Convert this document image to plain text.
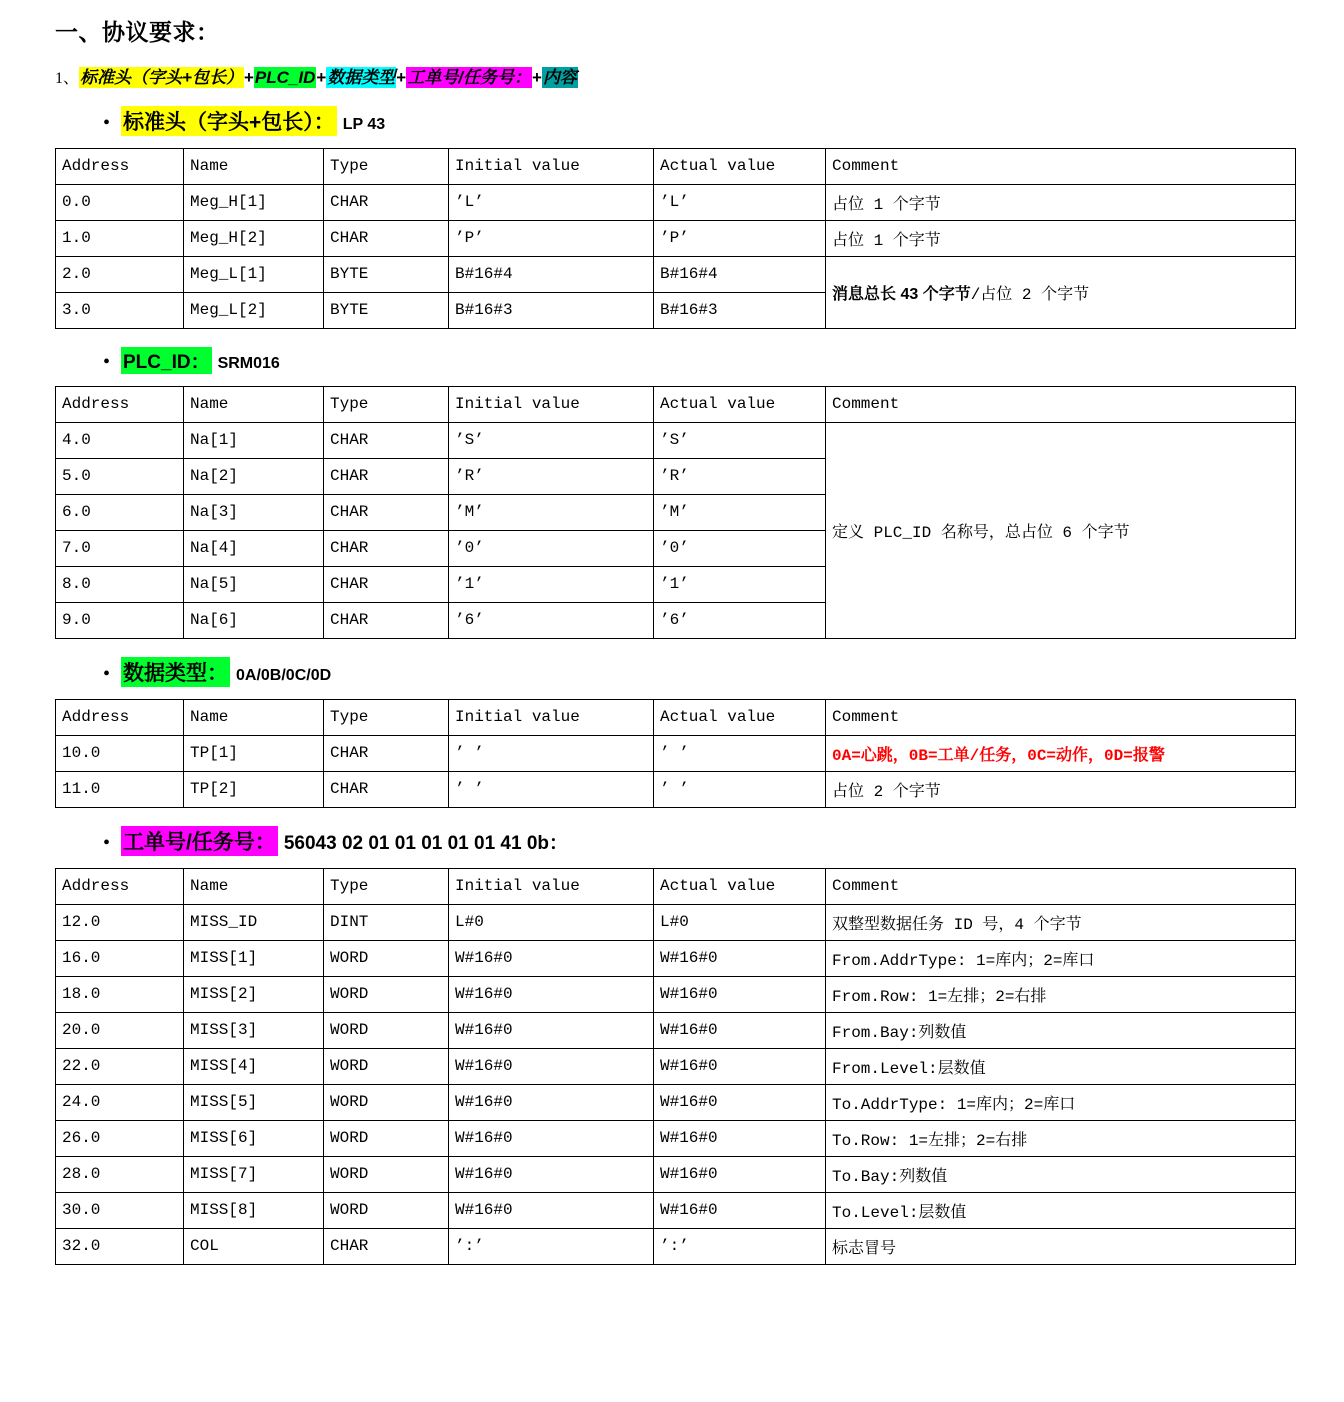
一、协议要求：
1、标准头（字头+包长）+PLC_ID+数据类型+工单号/任务号：+内容
• 标准头（字头+包长）： LP 43
Address	Name	Type	Initial value	Actual value	Comment
0.0	Meg_H[1]	CHAR	’L’	’L’	占位 1 个字节
1.0	Meg_H[2]	CHAR	’P’	’P’	占位 1 个字节
2.0	Meg_L[1]	BYTE	B#16#4	B#16#4	消息总长 43 个字节/占位 2 个字节
3.0	Meg_L[2]	BYTE	B#16#3	B#16#3	
• PLC_ID： SRM016
Address	Name	Type	Initial value	Actual value	Comment
4.0	Na[1]	CHAR	’S’	’S’	定义 PLC_ID 名称号，总占位 6 个字节
5.0	Na[2]	CHAR	’R’	’R’	
6.0	Na[3]	CHAR	’M’	’M’	
7.0	Na[4]	CHAR	’0’	’0’	
8.0	Na[5]	CHAR	’1’	’1’	
9.0	Na[6]	CHAR	’6’	’6’	
• 数据类型： 0A/0B/0C/0D
Address	Name	Type	Initial value	Actual value	Comment
10.0	TP[1]	CHAR	’ ’	’ ’	0A=心跳，0B=工单/任务，0C=动作，0D=报警
11.0	TP[2]	CHAR	’ ’	’ ’	占位 2 个字节
• 工单号/任务号： 56043 02 01 01 01 01 01 41 0b：
Address	Name	Type	Initial value	Actual value	Comment
12.0	MISS_ID	DINT	L#0	L#0	双整型数据任务 ID 号，4 个字节
16.0	MISS[1]	WORD	W#16#0	W#16#0	From.AddrType: 1=库内；2=库口
18.0	MISS[2]	WORD	W#16#0	W#16#0	From.Row: 1=左排；2=右排
20.0	MISS[3]	WORD	W#16#0	W#16#0	From.Bay:列数值
22.0	MISS[4]	WORD	W#16#0	W#16#0	From.Level:层数值
24.0	MISS[5]	WORD	W#16#0	W#16#0	To.AddrType: 1=库内；2=库口
26.0	MISS[6]	WORD	W#16#0	W#16#0	To.Row: 1=左排；2=右排
28.0	MISS[7]	WORD	W#16#0	W#16#0	To.Bay:列数值
30.0	MISS[8]	WORD	W#16#0	W#16#0	To.Level:层数值
32.0	COL	CHAR	’:’	’:’	标志冒号
